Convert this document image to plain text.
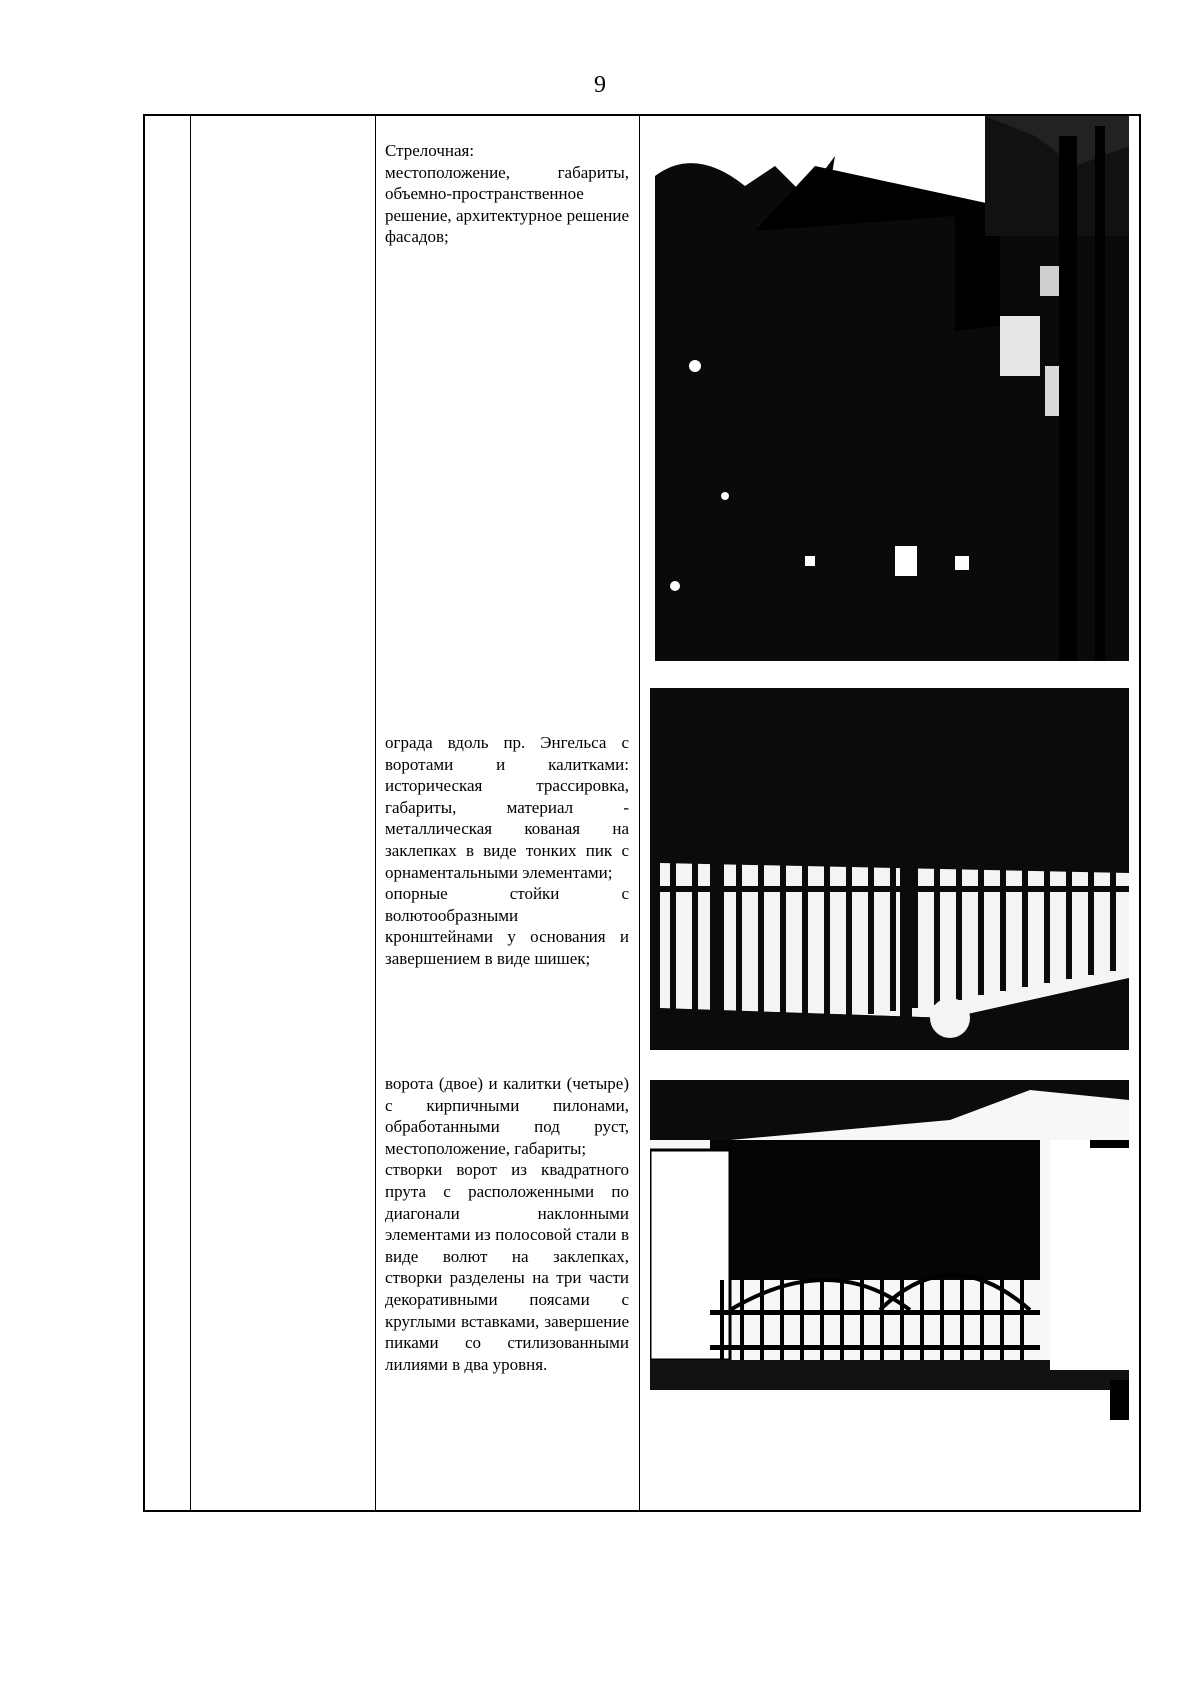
9

Стрелочная:

местоположение, габариты, объемно-пространственное решение, архитектурное решение фасадов;

ограда вдоль пр. Энгельса с воротами и калитками: историческая трассировка, габариты, материал - металлическая кованая на заклепках в виде тонких пик с орнаментальными элементами;

опорные стойки с волютообразными кронштейнами у основания и завершением в виде шишек;

ворота (двое) и калитки (четыре) с кирпичными пилонами, обработанными под руст, местоположение, габариты;

створки ворот из квадратного прута с расположенными по диагонали наклонными элементами из полосовой стали в виде волют на заклепках, створки разделены на три части декоративными поясами с круглыми вставками, завершение пиками со стилизованными лилиями в два уровня.
